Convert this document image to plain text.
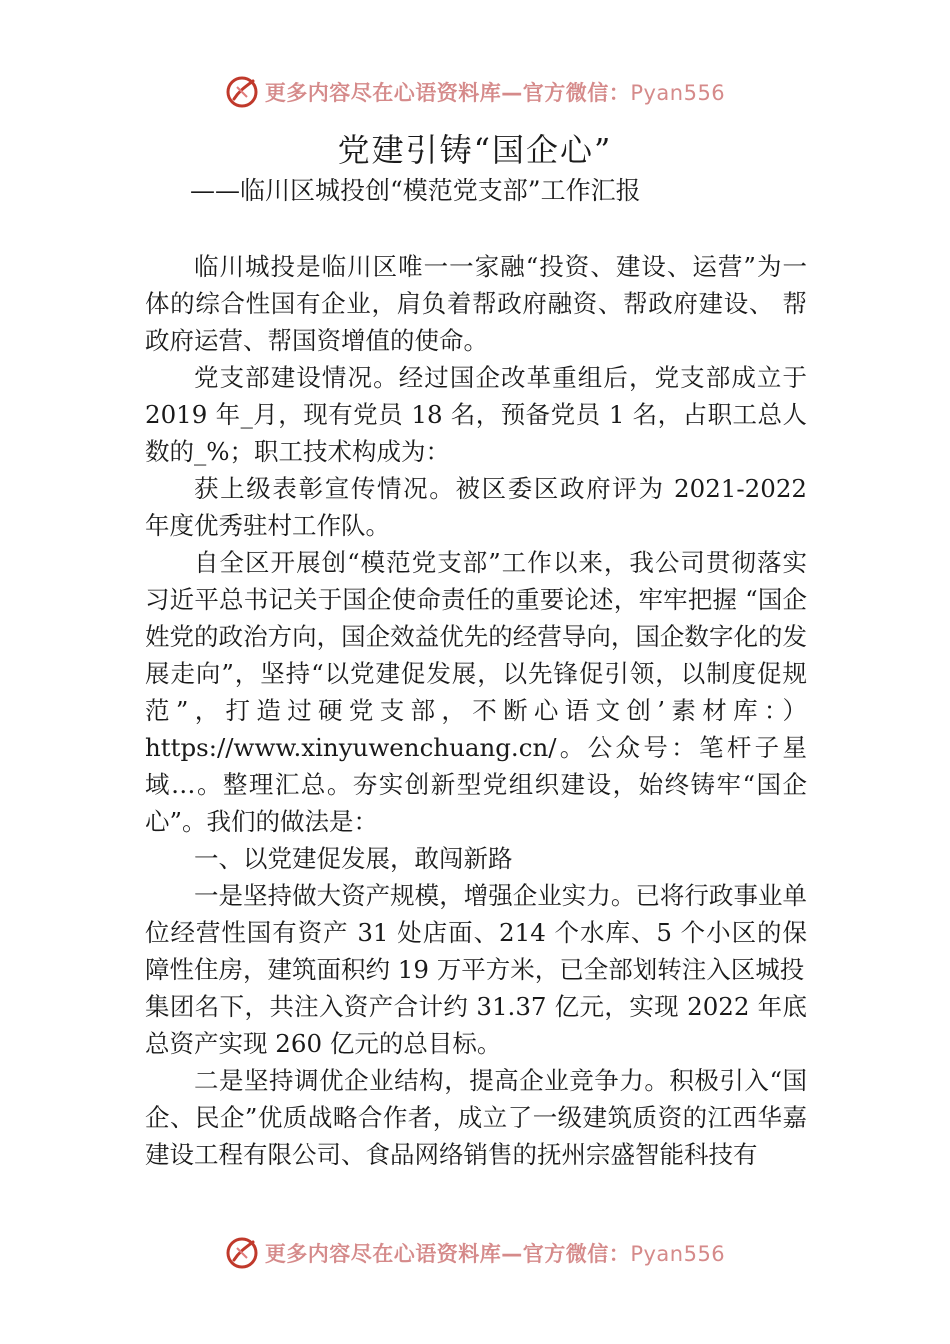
更多内容尽在心语资料库—官方微信：Pyan556
党建引铸“国企心”
——临川区城投创“模范党支部”工作汇报

临川城投是临川区唯一一家融“投资、建设、运营”为一体的综合性国有企业，肩负着帮政府融资、帮政府建设、 帮政府运营、帮国资增值的使命。

党支部建设情况。经过国企改革重组后，党支部成立于2019 年_月，现有党员 18 名，预备党员 1 名，占职工总人数的_%；职工技术构成为：

获上级表彰宣传情况。被区委区政府评为 2021-2022 年度优秀驻村工作队。

自全区开展创“模范党支部”工作以来，我公司贯彻落实习近平总书记关于国企使命责任的重要论述，牢牢把握 “国企姓党的政治方向，国企效益优先的经营导向，国企数字化的发展走向”，坚持“以党建促发展，以先锋促引领，以制度促规范”，打造过硬党支部，不断心语文创’素材库：）https://www.xinyuwenchuang.cn/。公众号：笔杆子星域…。整理汇总。夯实创新型党组织建设，始终铸牢“国企心”。我们的做法是：

一、以党建促发展，敢闯新路

一是坚持做大资产规模，增强企业实力。已将行政事业单位经营性国有资产 31 处店面、214 个水库、5 个小区的保障性住房，建筑面积约 19 万平方米，已全部划转注入区城投

集团名下，共注入资产合计约 31.37 亿元，实现 2022 年底总资产实现 260 亿元的总目标。

二是坚持调优企业结构，提高企业竞争力。积极引入“国企、民企”优质战略合作者，成立了一级建筑质资的江西华嘉建设工程有限公司、食品网络销售的抚州宗盛智能科技有

更多内容尽在心语资料库—官方微信：Pyan556
